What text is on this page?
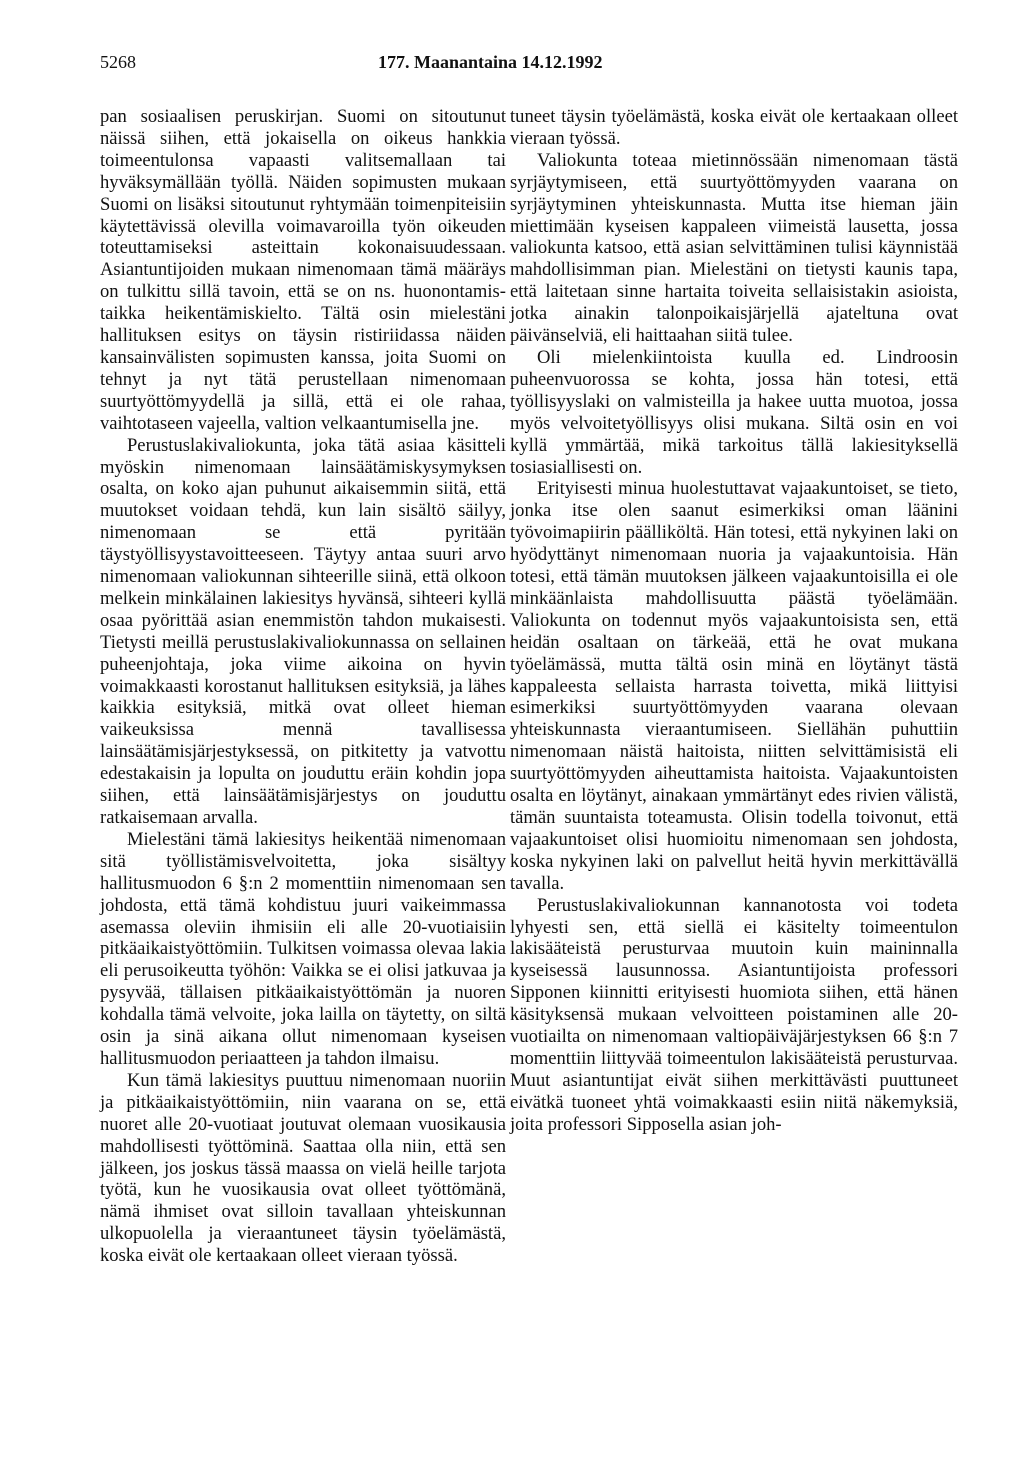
5268	177. Maanantaina 14.12.1992

pan sosiaalisen peruskirjan. Suomi on sitoutunut näissä siihen, että jokaisella on oikeus hankkia toimeentulonsa vapaasti valitsemallaan tai hyväksymällään työllä. Näiden sopimusten mukaan Suomi on lisäksi sitoutunut ryhtymään toimenpiteisiin käytettävissä olevilla voimavaroilla työn oikeuden toteuttamiseksi asteittain kokonaisuudessaan. Asiantuntijoiden mukaan nimenomaan tämä määräys on tulkittu sillä tavoin, että se on ns. huonontamis- taikka heikentämiskielto. Tältä osin mielestäni hallituksen esitys on täysin ristiriidassa näiden kansainvälisten sopimusten kanssa, joita Suomi on tehnyt ja nyt tätä perustellaan nimenomaan suurtyöttömyydellä ja sillä, että ei ole rahaa, vaihtotaseen vajeella, valtion velkaantumisella jne.

Perustuslakivaliokunta, joka tätä asiaa käsitteli myöskin nimenomaan lainsäätämiskysymyksen osalta, on koko ajan puhunut aikaisemmin siitä, että muutokset voidaan tehdä, kun lain sisältö säilyy, nimenomaan se että pyritään täystyöllisyystavoitteeseen. Täytyy antaa suuri arvo nimenomaan valiokunnan sihteerille siinä, että olkoon melkein minkälainen lakiesitys hyvänsä, sihteeri kyllä osaa pyörittää asian enemmistön tahdon mukaisesti. Tietysti meillä perustuslakivaliokunnassa on sellainen puheenjohtaja, joka viime aikoina on hyvin voimakkaasti korostanut hallituksen esityksiä, ja lähes kaikkia esityksiä, mitkä ovat olleet hieman vaikeuksissa mennä tavallisessa lainsäätämisjärjestyksessä, on pitkitetty ja vatvottu edestakaisin ja lopulta on jouduttu eräin kohdin jopa siihen, että lainsäätämisjärjestys on jouduttu ratkaisemaan arvalla.

Mielestäni tämä lakiesitys heikentää nimenomaan sitä työllistämisvelvoitetta, joka sisältyy hallitusmuodon 6 §:n 2 momenttiin nimenomaan sen johdosta, että tämä kohdistuu juuri vaikeimmassa asemassa oleviin ihmisiin eli alle 20-vuotiaisiin pitkäaikaistyöttömiin. Tulkitsen voimassa olevaa lakia eli perusoikeutta työhön: Vaikka se ei olisi jatkuvaa ja pysyvää, tällaisen pitkäaikaistyöttömän ja nuoren kohdalla tämä velvoite, joka lailla on täytetty, on siltä osin ja sinä aikana ollut nimenomaan kyseisen hallitusmuodon periaatteen ja tahdon ilmaisu.

Kun tämä lakiesitys puuttuu nimenomaan nuoriin ja pitkäaikaistyöttömiin, niin vaarana on se, että nuoret alle 20-vuotiaat joutuvat olemaan vuosikausia mahdollisesti työttöminä. Saattaa olla niin, että sen jälkeen, jos joskus tässä maassa on vielä heille tarjota työtä, kun he vuosikausia ovat olleet työttömänä, nämä ihmiset ovat silloin tavallaan yhteiskunnan ulkopuolella ja vieraantuneet täysin työelämästä, koska eivät ole kertaakaan olleet vieraan työssä.

tuneet täysin työelämästä, koska eivät ole kertaakaan olleet vieraan työssä.

Valiokunta toteaa mietinnössään nimenomaan tästä syrjäytymiseen, että suurtyöttömyyden vaarana on syrjäytyminen yhteiskunnasta. Mutta itse hieman jäin miettimään kyseisen kappaleen viimeistä lausetta, jossa valiokunta katsoo, että asian selvittäminen tulisi käynnistää mahdollisimman pian. Mielestäni on tietysti kaunis tapa, että laitetaan sinne hartaita toiveita sellaisistakin asioista, jotka ainakin talonpoikaisjärjellä ajateltuna ovat päivänselviä, eli haittaahan siitä tulee.

Oli mielenkiintoista kuulla ed. Lindroosin puheenvuorossa se kohta, jossa hän totesi, että työllisyyslaki on valmisteilla ja hakee uutta muotoa, jossa myös velvoitetyöllisyys olisi mukana. Siltä osin en voi kyllä ymmärtää, mikä tarkoitus tällä lakiesityksellä tosiasiallisesti on.

Erityisesti minua huolestuttavat vajaakuntoiset, se tieto, jonka itse olen saanut esimerkiksi oman läänini työvoimapiirin päälliköltä. Hän totesi, että nykyinen laki on hyödyttänyt nimenomaan nuoria ja vajaakuntoisia. Hän totesi, että tämän muutoksen jälkeen vajaakuntoisilla ei ole minkäänlaista mahdollisuutta päästä työelämään. Valiokunta on todennut myös vajaakuntoisista sen, että heidän osaltaan on tärkeää, että he ovat mukana työelämässä, mutta tältä osin minä en löytänyt tästä kappaleesta sellaista harrasta toivetta, mikä liittyisi esimerkiksi suurtyöttömyyden vaarana olevaan yhteiskunnasta vieraantumiseen. Siellähän puhuttiin nimenomaan näistä haitoista, niitten selvittämisistä eli suurtyöttömyyden aiheuttamista haitoista. Vajaakuntoisten osalta en löytänyt, ainakaan ymmärtänyt edes rivien välistä, tämän suuntaista toteamusta. Olisin todella toivonut, että vajaakuntoiset olisi huomioitu nimenomaan sen johdosta, koska nykyinen laki on palvellut heitä hyvin merkittävällä tavalla.

Perustuslakivaliokunnan kannanotosta voi todeta lyhyesti sen, että siellä ei käsitelty toimeentulon lakisääteistä perusturvaa muutoin kuin maininnalla kyseisessä lausunnossa. Asiantuntijoista professori Sipponen kiinnitti erityisesti huomiota siihen, että hänen käsityksensä mukaan velvoitteen poistaminen alle 20-vuotiailta on nimenomaan valtiopäiväjärjestyksen 66 §:n 7 momenttiin liittyvää toimeentulon lakisääteistä perusturvaa. Muut asiantuntijat eivät siihen merkittävästi puuttuneet eivätkä tuoneet yhtä voimakkaasti esiin niitä näkemyksiä, joita professori Sipposella asian joh-
